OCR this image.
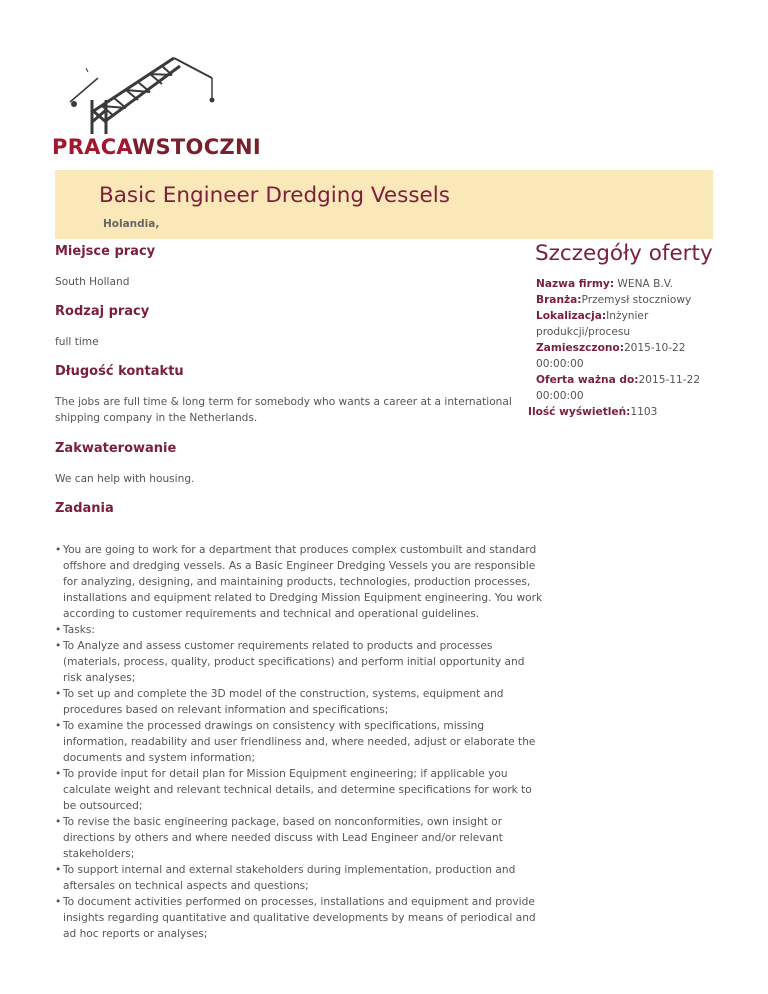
PRACAWSTOCZNI
Basic Engineer Dredging Vessels
Holandia,
Miejsce pracy
South Holland
Rodzaj pracy
full time
Długość kontaktu
The jobs are full time & long term for somebody who wants a career at a international shipping company in the Netherlands.
Zakwaterowanie
We can help with housing.
Zadania
• You are going to work for a department that produces complex custombuilt and standard offshore and dredging vessels. As a Basic Engineer Dredging Vessels you are responsible for analyzing, designing, and maintaining products, technologies, production processes, installations and equipment related to Dredging Mission Equipment engineering. You work according to customer requirements and technical and operational guidelines.
• Tasks:
• To Analyze and assess customer requirements related to products and processes (materials, process, quality, product specifications) and perform initial opportunity and risk analyses;
• To set up and complete the 3D model of the construction, systems, equipment and procedures based on relevant information and specifications;
• To examine the processed drawings on consistency with specifications, missing information, readability and user friendliness and, where needed, adjust or elaborate the documents and system information;
• To provide input for detail plan for Mission Equipment engineering; if applicable you calculate weight and relevant technical details, and determine specifications for work to be outsourced;
• To revise the basic engineering package, based on nonconformities, own insight or directions by others and where needed discuss with Lead Engineer and/or relevant stakeholders;
• To support internal and external stakeholders during implementation, production and aftersales on technical aspects and questions;
• To document activities performed on processes, installations and equipment and provide insights regarding quantitative and qualitative developments by means of periodical and ad hoc reports or analyses;
Szczegóły oferty
Nazwa firmy: WENA B.V.
Branża:Przemysł stoczniowy
Lokalizacja:Inżynier produkcji/procesu
Zamieszczono:2015-10-22 00:00:00
Oferta ważna do:2015-11-22 00:00:00
Ilość wyświetleń:1103
